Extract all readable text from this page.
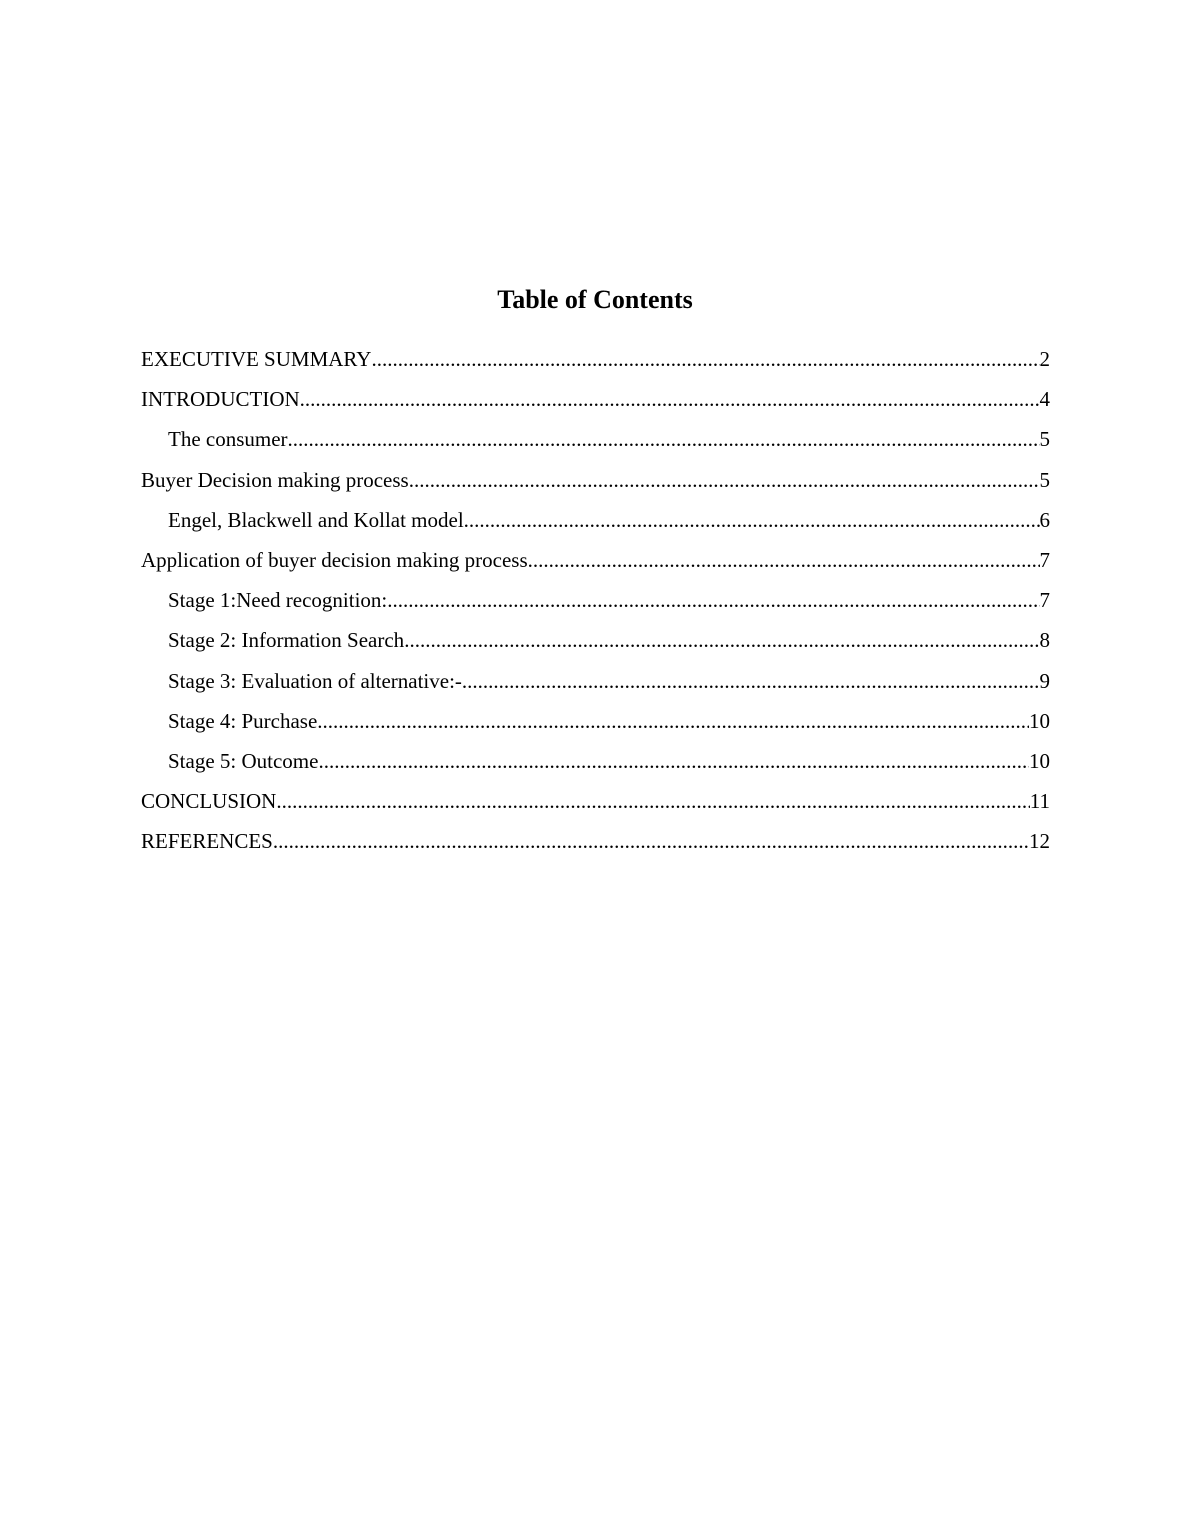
Table of Contents
EXECUTIVE SUMMARY .....	2
INTRODUCTION .....	4
The consumer .....	5
Buyer Decision making process .....	5
Engel, Blackwell and Kollat model .....	6
Application of buyer decision making process .....	7
Stage 1:Need recognition: .....	7
Stage 2: Information Search .....	8
Stage 3: Evaluation of alternative:- .....	9
Stage 4: Purchase .....	10
Stage 5: Outcome .....	10
CONCLUSION .....	11
REFERENCES .....	12
